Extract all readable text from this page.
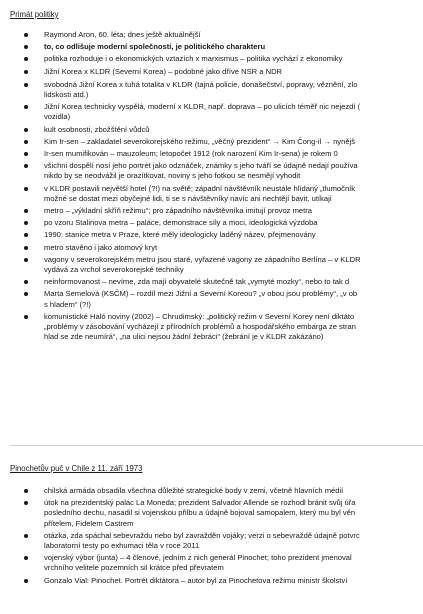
Primát politiky
Raymond Aron, 60. léta; dnes ještě aktuálnější
to, co odlišuje moderní společnosti, je politického charakteru
politika rozhoduje i o ekonomických vztazích x marxismus – politika vychází z ekonomiky
Jižní Korea x KLDR (Severní Korea) – podobné jako dříve NSR a NDR
svobodná Jižní Korea x tuhá totalita v KLDR (tajná policie, donašečství, popravy, věznění, zlo
lidskosti atd.)
Jižní Korea technicky vyspělá, moderní x KLDR, např. doprava – po ulicích téměř nic nejezdí (
vozidla)
kult osobnosti, zbožštění vůdců
Kim Ir-sen – zakladatel severokorejského režimu, „věčný prezident“ → Kim Čong-il → nynějš
Ir-sen mumifikován – mauzoleum; letopočet 1912 (rok narození Kim Ir-sena) je rokem 0
všichni dospělí nosí jeho portrét jako odznáček, známky s jeho tváří se údajně nedají používa
nikdo by se neodvážil je orazítkovat, noviny s jeho fotkou se nesmějí vyhodit
v KLDR postavili největší hotel (?!) na světě; západní návštěvník neustále hlídaný „tlumočník
možné se dostat mezi obyčejné lidi, ti se s návštěvníky navíc ani nechtějí bavit, utíkají
metro – „výkladní skříň režimu“; pro západního návštěvníka imitují provoz metra
po vzoru Stalinova metra – paláce, demonstrace síly a moci, ideologická výzdoba
1990: stanice metra v Praze, které měly ideologicky laděný název, přejmenovány
metro stavěno i jako atomový kryt
vagony v severokorejském metru jsou staré, vyřazené vagony ze západního Berlína – v KLDR
vydává za vrchol severokorejské techniky
neinformovanost – nevíme, zda mají obyvatelé skutečně tak „vymyté mozky“, nebo to tak d
Marta Semelová (KSČM) – rozdíl mezi Jižní a Severní Koreou? „v obou jsou problémy“, „v ob
s hladem“ (?!)
komunistické Haló noviny (2002) – Chrudimský: „politický režim v Severní Korey není diktáto
„problémy v zásobování vycházejí z přírodních problémů a hospodářského embarga ze stran
hlad se zde neumírá“, „na ulici nejsou žádní žebráci“ (žebrání je v KLDR zakázáno)
Pinochetův puč v Chile z 11. září 1973
chilská armáda obsadila všechna důležité strategické body v zemi, včetně hlavních médií
útok na prezidentský palác La Moneda; prezident Salvador Allende se rozhodl bránit svůj úřa
posledního dechu, nasadil si vojenskou přilbu a údajně bojoval samopalem, který mu byl věn
přítelem, Fidelem Castrem
otázka, zda spáchal sebevraždu nebo byl zavražděn vojáky; verzi o sebevraždě údajně potvrc
laboratorní testy po exhumaci těla v roce 2011
vojenský výbor (junta) – 4 členové, jedním z nich generál Pinochet; toho prezident jmenoval
vrchního velitele pozemních sil krátce před převratem
Gonzalo Vial: Pinochet. Portrét diktátora – autor byl za Pinochetova režimu ministr školství
